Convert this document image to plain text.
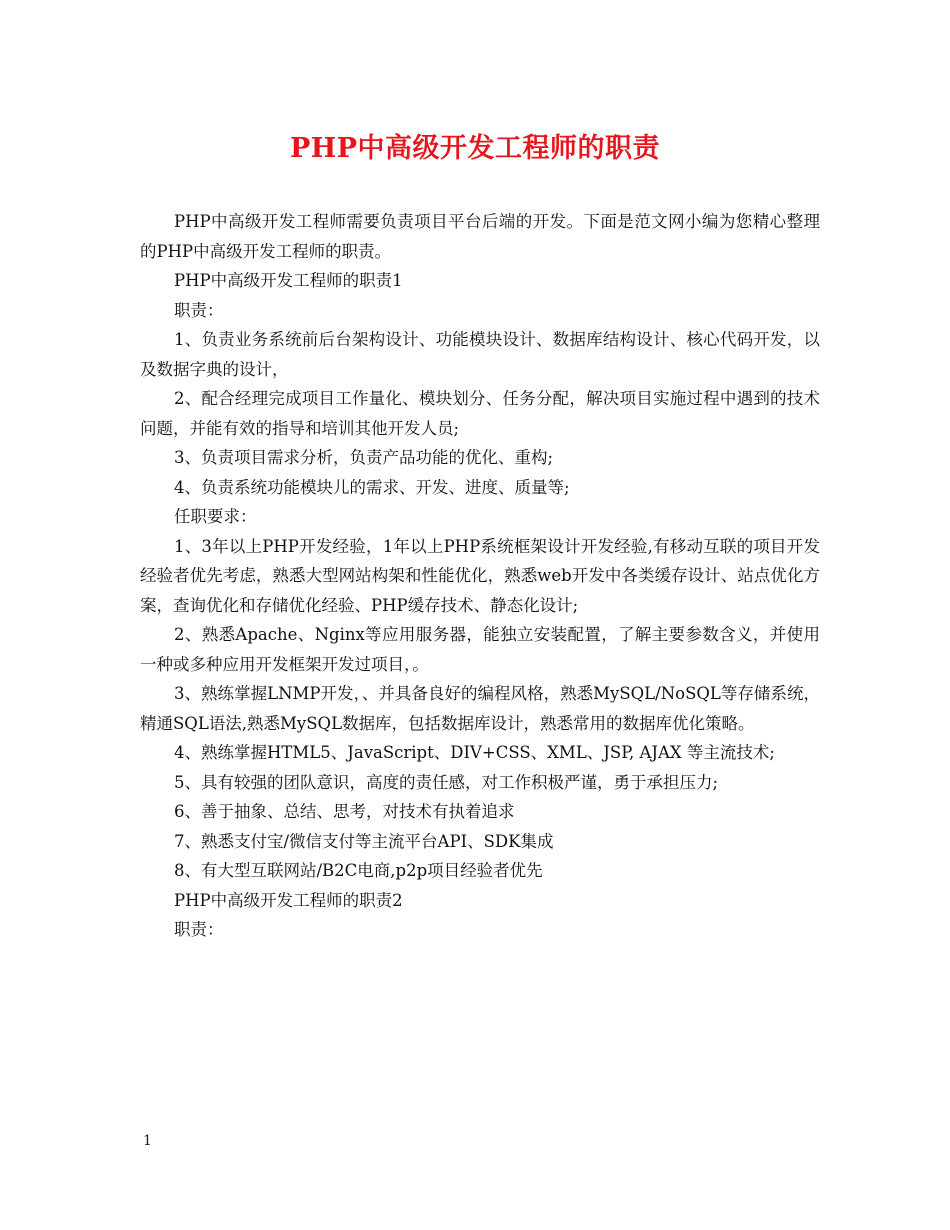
PHP中高级开发工程师的职责

PHP中高级开发工程师需要负责项目平台后端的开发。下面是范文网小编为您精心整理的PHP中高级开发工程师的职责。

PHP中高级开发工程师的职责1

职责：

1、负责业务系统前后台架构设计、功能模块设计、数据库结构设计、核心代码开发，以及数据字典的设计，

2、配合经理完成项目工作量化、模块划分、任务分配，解决项目实施过程中遇到的技术问题，并能有效的指导和培训其他开发人员;

3、负责项目需求分析，负责产品功能的优化、重构;

4、负责系统功能模块儿的需求、开发、进度、质量等;

任职要求：

1、3年以上PHP开发经验，1年以上PHP系统框架设计开发经验,有移动互联的项目开发经验者优先考虑，熟悉大型网站构架和性能优化，熟悉web开发中各类缓存设计、站点优化方案，查询优化和存储优化经验、PHP缓存技术、静态化设计;

2、熟悉Apache、Nginx等应用服务器，能独立安装配置，了解主要参数含义，并使用一种或多种应用开发框架开发过项目，。

3、熟练掌握LNMP开发，、并具备良好的编程风格，熟悉MySQL/NoSQL等存储系统，精通SQL语法,熟悉MySQL数据库，包括数据库设计，熟悉常用的数据库优化策略。

4、熟练掌握HTML5、JavaScript、DIV+CSS、XML、JSP, AJAX 等主流技术;

5、具有较强的团队意识，高度的责任感，对工作积极严谨，勇于承担压力;

6、善于抽象、总结、思考，对技术有执着追求

7、熟悉支付宝/微信支付等主流平台API、SDK集成

8、有大型互联网站/B2C电商,p2p项目经验者优先

PHP中高级开发工程师的职责2

职责：

1
